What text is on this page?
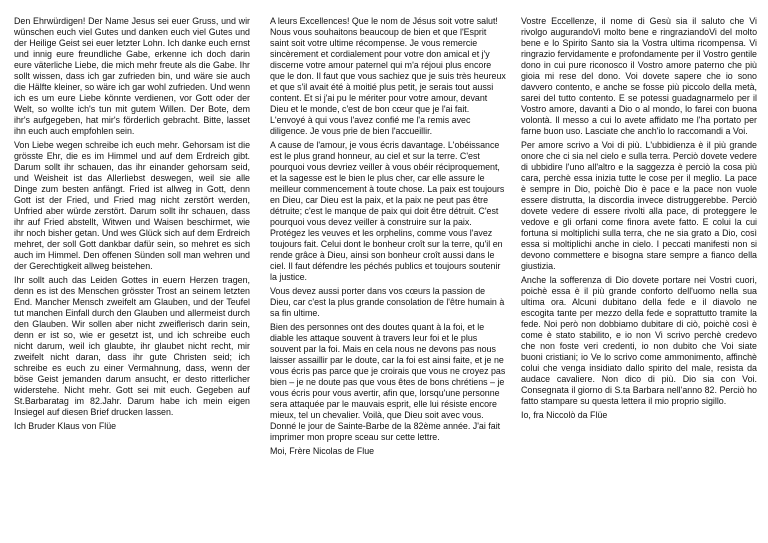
Den Ehrwürdigen! Der Name Jesus sei euer Gruss, und wir wünschen euch viel Gutes und danken euch viel Gutes und der Heilige Geist sei euer letzter Lohn. Ich danke euch ernst und innig eure freundliche Gabe, erkenne ich doch darin eure väterliche Liebe, die mich mehr freute als die Gabe. Ihr sollt wissen, dass ich gar zufrieden bin, und wäre sie auch die Hälfte kleiner, so wäre ich gar wohl zufrieden. Und wenn ich es um eure Liebe könnte verdienen, vor Gott oder der Welt, so wollte ich's tun mit gutem Willen. Der Bote, dem ihr's aufgegeben, hat mir's förderlich gebracht. Bitte, lasset ihn euch auch empfohlen sein.

Von Liebe wegen schreibe ich euch mehr. Gehorsam ist die grösste Ehr, die es im Himmel und auf dem Erdreich gibt. Darum sollt ihr schauen, das ihr einander gehorsam seid, und Weisheit ist das Allerliebst deswegen, weil sie alle Dinge zum besten anfängt. Fried ist allweg in Gott, denn Gott ist der Fried, und Fried mag nicht zerstört werden, Unfried aber würde zerstört. Darum sollt ihr schauen, dass ihr auf Fried abstellt, Witwen und Waisen beschirmet, wie ihr noch bisher getan. Und wes Glück sich auf dem Erdreich mehret, der soll Gott dankbar dafür sein, so mehret es sich auch im Himmel. Den offenen Sünden soll man wehren und der Gerechtigkeit allweg beistehen.

Ihr sollt auch das Leiden Gottes in euern Herzen tragen, denn es ist des Menschen grösster Trost an seinem letzten End. Mancher Mensch zweifelt am Glauben, und der Teufel tut manchen Einfall durch den Glauben und allermeist durch den Glauben. Wir sollen aber nicht zweiflerisch darin sein, denn er ist so, wie er gesetzt ist, und ich schreibe euch nicht darum, weil ich glaubte, ihr glaubet nicht recht, mir zweifelt nicht daran, dass ihr gute Christen seid; ich schreibe es euch zu einer Vermahnung, dass, wenn der böse Geist jemanden darum ansucht, er desto ritterlicher widerstehe. Nicht mehr. Gott sei mit euch. Gegeben auf St.Barbaratag im 82.Jahr. Darum habe ich mein eigen Insiegel auf diesen Brief drucken lassen.

Ich Bruder Klaus von Flüe

A leurs Excellences! Que le nom de Jésus soit votre salut! Nous vous souhaitons beaucoup de bien et que l'Esprit saint soit votre ultime récompense. Je vous remercie sincèrement et cordialement pour votre don amical et j'y discerne votre amour paternel qui m'a réjoui plus encore que le don. Il faut que vous sachiez que je suis très heureux et que s'il avait été à moitié plus petit, je serais tout aussi content. Et si j'ai pu le mériter pour votre amour, devant Dieu et le monde, c'est de bon cœur que je l'ai fait. L'envoyé à qui vous l'avez confié me l'a remis avec diligence. Je vous prie de bien l'accueillir.

A cause de l'amour, je vous écris davantage. L'obéissance est le plus grand honneur, au ciel et sur la terre. C'est pourquoi vous devriez veiller à vous obéir réciproquement, et la sagesse est le bien le plus cher, car elle assure le meilleur commencement à toute chose. La paix est toujours en Dieu, car Dieu est la paix, et la paix ne peut pas être détruite; c'est le manque de paix qui doit être détruit. C'est pourquoi vous devez veiller à construire sur la paix. Protégez les veuves et les orphelins, comme vous l'avez toujours fait. Celui dont le bonheur croît sur la terre, qu'il en rende grâce à Dieu, ainsi son bonheur croît aussi dans le ciel. Il faut défendre les péchés publics et toujours soutenir la justice.

Vous devez aussi porter dans vos cœurs la passion de Dieu, car c'est la plus grande consolation de l'être humain à sa fin ultime.

Bien des personnes ont des doutes quant à la foi, et le diable les attaque souvent à travers leur foi et le plus souvent par la foi. Mais en cela nous ne devons pas nous laisser assaillir par le doute, car la foi est ainsi faite, et je ne vous écris pas parce que je croirais que vous ne croyez pas bien – je ne doute pas que vous êtes de bons chrétiens – je vous écris pour vous avertir, afin que, lorsqu'une personne sera attaquée par le mauvais esprit, elle lui résiste encore mieux, tel un chevalier. Voilà, que Dieu soit avec vous. Donné le jour de Sainte-Barbe de la 82ème année. J'ai fait imprimer mon propre sceau sur cette lettre.

Moi, Frère Nicolas de Flue

Vostre Eccellenze, il nome di Gesù sia il saluto che Vi rivolgo augurandoVi molto bene e ringraziandoVi del molto bene e lo Spirito Santo sia la Vostra ultima ricompensa. Vi ringrazio fervidamente e profondamente per il Vostro gentile dono in cui pure riconosco il Vostro amore paterno che più gioia mi rese del dono. Voi dovete sapere che io sono davvero contento, e anche se fosse più piccolo della metà, sarei del tutto contento. E se potessi guadagnarmelo per il Vostro amore, davanti a Dio o al mondo, lo farei con buona volontà. Il messo a cui lo avete affidato me l'ha portato per farne buon uso. Lasciate che anch'io lo raccomandi a Voi.

Per amore scrivo a Voi di più. L'ubbidienza è il più grande onore che ci sia nel cielo e sulla terra. Perciò dovete vedere di ubbidire l'uno all'altro e la saggezza è perciò la cosa più cara, perchè essa inizia tutte le cose per il meglio. La pace è sempre in Dio, poichè Dio è pace e la pace non vuole essere distrutta, la discordia invece distruggerebbe. Perciò dovete vedere di essere rivolti alla pace, di proteggere le vedove e gli orfani come finora avete fatto. E colui la cui fortuna si moltiplichi sulla terra, che ne sia grato a Dio, così essa si moltiplichi anche in cielo. I peccati manifesti non si devono commettere e bisogna stare sempre a fianco della giustizia.

Anche la sofferenza di Dio dovete portare nei Vostri cuori, poichè essa è il più grande conforto dell'uomo nella sua ultima ora. Alcuni dubitano della fede e il diavolo ne escogita tante per mezzo della fede e soprattutto tramite la fede. Noi però non dobbiamo dubitare di ciò, poichè così è come è stato stabilito, e io non Vi scrivo perchè credevo che non foste veri credenti, io non dubito che Voi siate buoni cristiani; io Ve lo scrivo come ammonimento, affinchè colui che venga insidiato dallo spirito del male, resista da audace cavaliere. Non dico di più. Dio sia con Voi. Consegnata il giorno di S.ta Barbara nell'anno 82. Perciò ho fatto stampare su questa lettera il mio proprio sigillo.

Io, fra Niccolò da Flüe
